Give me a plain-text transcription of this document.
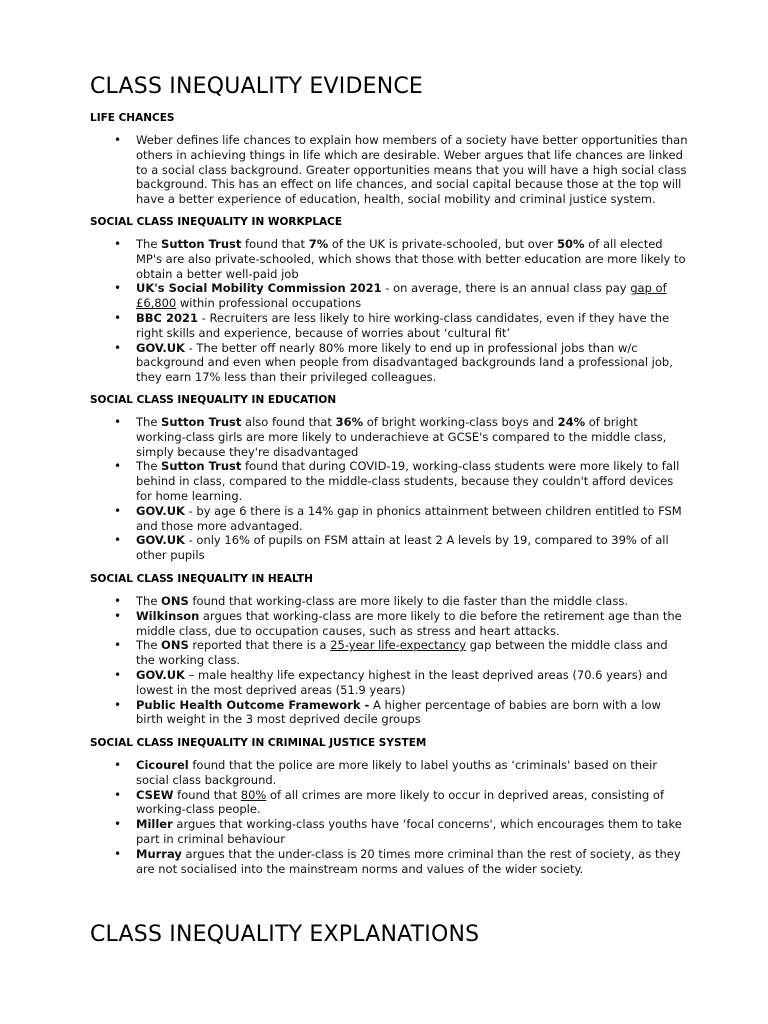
CLASS INEQUALITY EVIDENCE
LIFE CHANCES
• Weber defines life chances to explain how members of a society have better opportunities than others in achieving things in life which are desirable. Weber argues that life chances are linked to a social class background. Greater opportunities means that you will have a high social class background. This has an effect on life chances, and social capital because those at the top will have a better experience of education, health, social mobility and criminal justice system.
SOCIAL CLASS INEQUALITY IN WORKPLACE
• The Sutton Trust found that 7% of the UK is private-schooled, but over 50% of all elected MP's are also private-schooled, which shows that those with better education are more likely to obtain a better well-paid job
• UK's Social Mobility Commission 2021 - on average, there is an annual class pay gap of £6,800 within professional occupations
• BBC 2021 - Recruiters are less likely to hire working-class candidates, even if they have the right skills and experience, because of worries about ‘cultural fit’
• GOV.UK - The better off nearly 80% more likely to end up in professional jobs than w/c background and even when people from disadvantaged backgrounds land a professional job, they earn 17% less than their privileged colleagues.
SOCIAL CLASS INEQUALITY IN EDUCATION
• The Sutton Trust also found that 36% of bright working-class boys and 24% of bright working-class girls are more likely to underachieve at GCSE's compared to the middle class, simply because they're disadvantaged
• The Sutton Trust found that during COVID-19, working-class students were more likely to fall behind in class, compared to the middle-class students, because they couldn't afford devices for home learning.
• GOV.UK - by age 6 there is a 14% gap in phonics attainment between children entitled to FSM and those more advantaged.
• GOV.UK - only 16% of pupils on FSM attain at least 2 A levels by 19, compared to 39% of all other pupils
SOCIAL CLASS INEQUALITY IN HEALTH
• The ONS found that working-class are more likely to die faster than the middle class.
• Wilkinson argues that working-class are more likely to die before the retirement age than the middle class, due to occupation causes, such as stress and heart attacks.
• The ONS reported that there is a 25-year life-expectancy gap between the middle class and the working class.
• GOV.UK – male healthy life expectancy highest in the least deprived areas (70.6 years) and lowest in the most deprived areas (51.9 years)
• Public Health Outcome Framework - A higher percentage of babies are born with a low birth weight in the 3 most deprived decile groups
SOCIAL CLASS INEQUALITY IN CRIMINAL JUSTICE SYSTEM
• Cicourel found that the police are more likely to label youths as ‘criminals' based on their social class background.
• CSEW found that 80% of all crimes are more likely to occur in deprived areas, consisting of working-class people.
• Miller argues that working-class youths have ‘focal concerns', which encourages them to take part in criminal behaviour
• Murray argues that the under-class is 20 times more criminal than the rest of society, as they are not socialised into the mainstream norms and values of the wider society.
CLASS INEQUALITY EXPLANATIONS
